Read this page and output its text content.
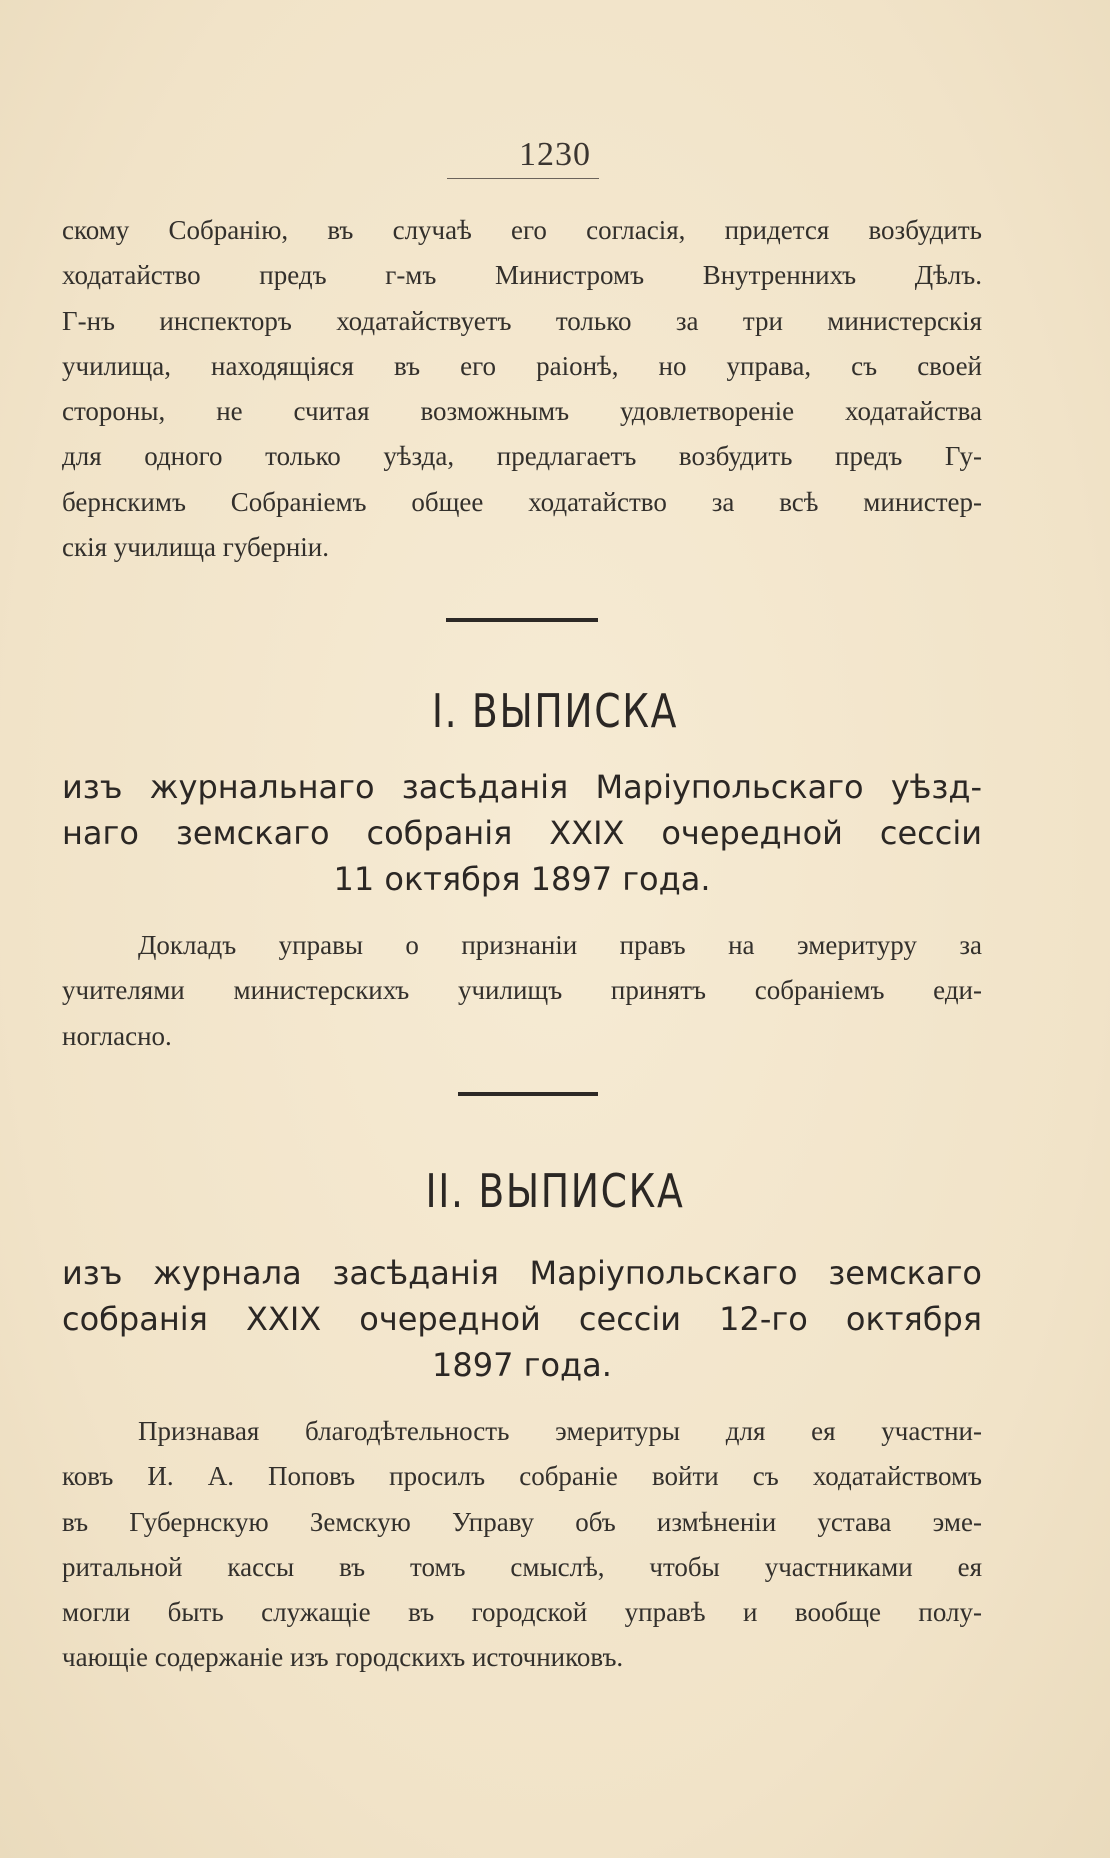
1230
скому Собранію, въ случаѣ его согласія, придется возбудить
ходатайство предъ г-мъ Министромъ Внутреннихъ Дѣлъ.
Г-нъ инспекторъ ходатайствуетъ только за три министерскія
училища, находящіяся въ его раіонѣ, но управа, съ своей
стороны, не считая возможнымъ удовлетвореніе ходатайства
для одного только уѣзда, предлагаетъ возбудить предъ Гу-
бернскимъ Собраніемъ общее ходатайство за всѣ министер-
скія училища губерніи.
I. ВЫПИСКА
изъ журнальнаго засѣданія Маріупольскаго уѣзд-
наго земскаго собранія XXIX очередной сессіи
11 октября 1897 года.
Докладъ управы о признаніи правъ на эмеритуру за
учителями министерскихъ училищъ принятъ собраніемъ еди-
ногласно.
II. ВЫПИСКА
изъ журнала засѣданія Маріупольскаго земскаго
собранія XXIX очередной сессіи 12-го октября
1897 года.
Признавая благодѣтельность эмеритуры для ея участни-
ковъ И. А. Поповъ просилъ собраніе войти съ ходатайствомъ
въ Губернскую Земскую Управу объ измѣненіи устава эме-
ритальной кассы въ томъ смыслѣ, чтобы участниками ея
могли быть служащіе въ городской управѣ и вообще полу-
чающіе содержаніе изъ городскихъ источниковъ.
